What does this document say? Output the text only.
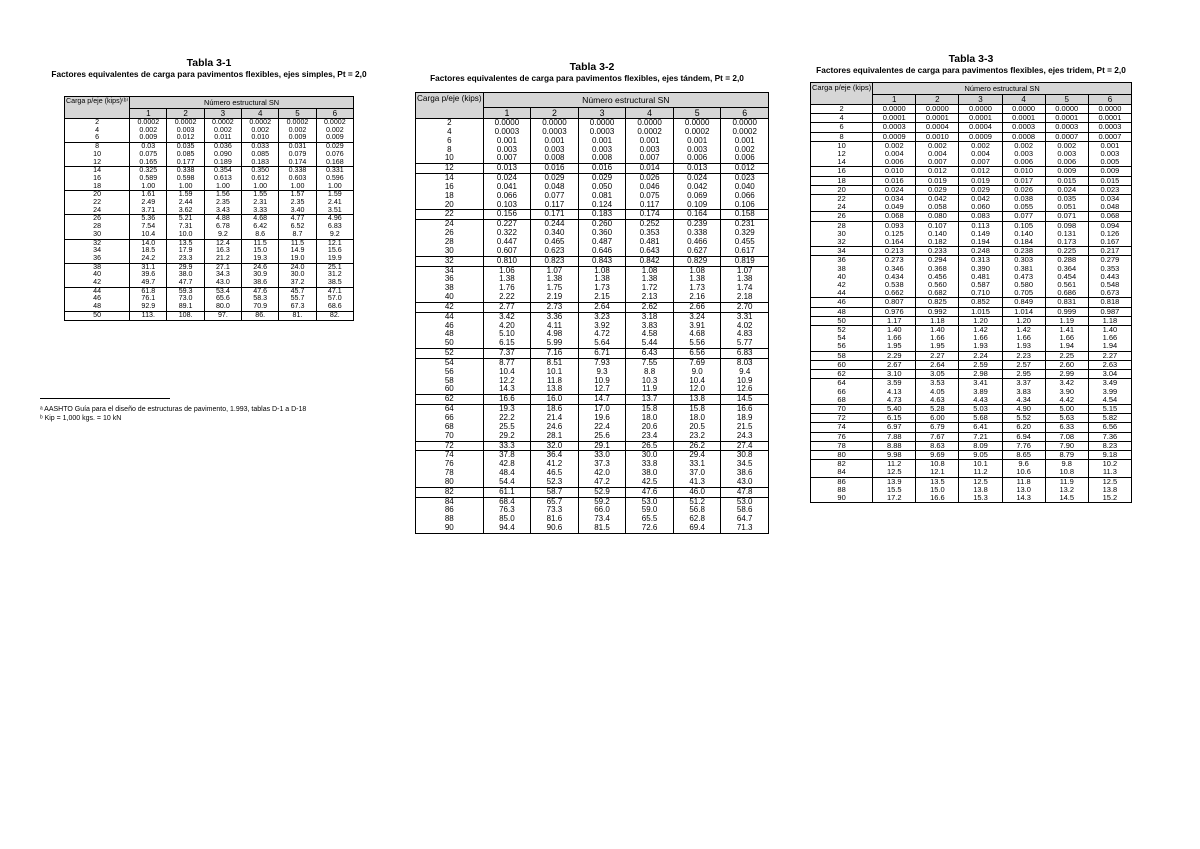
Tabla 3-1
Factores equivalentes de carga para pavimentos flexibles, ejes simples, Pt = 2,0
Carga p/eje (kips)⁽ᵇ⁾	Número estructural SN					
	1	2	3	4	5	6
2	0.0002	0.0002	0.0002	0.0002	0.0002	0.0002
4	0.002	0.003	0.002	0.002	0.002	0.002
6	0.009	0.012	0.011	0.010	0.009	0.009
8	0.03	0.035	0.036	0.033	0.031	0.029
10	0.075	0.085	0.090	0.085	0.079	0.076
12	0.165	0.177	0.189	0.183	0.174	0.168
14	0.325	0.338	0.354	0.350	0.338	0.331
16	0.589	0.598	0.613	0.612	0.603	0.596
18	1.00	1.00	1.00	1.00	1.00	1.00
20	1.61	1.59	1.56	1.55	1.57	1.59
22	2.49	2.44	2.35	2.31	2.35	2.41
24	3.71	3.62	3.43	3.33	3.40	3.51
26	5.36	5.21	4.88	4.68	4.77	4.96
28	7.54	7.31	6.78	6.42	6.52	6.83
30	10.4	10.0	9.2	8.6	8.7	9.2
32	14.0	13.5	12.4	11.5	11.5	12.1
34	18.5	17.9	16.3	15.0	14.9	15.6
36	24.2	23.3	21.2	19.3	19.0	19.9
38	31.1	29.9	27.1	24.6	24.0	25.1
40	39.6	38.0	34.3	30.9	30.0	31.2
42	49.7	47.7	43.0	38.6	37.2	38.5
44	61.8	59.3	53.4	47.6	45.7	47.1
46	76.1	73.0	65.6	58.3	55.7	57.0
48	92.9	89.1	80.0	70.9	67.3	68.6
50	113.	108.	97.	86.	81.	82.
ᵃ AASHTO Guía para el diseño de estructuras de pavimento, 1.993, tablas D-1 a D-18
ᵇ Kip = 1,000 kgs. = 10 kN
Tabla 3-2
Factores equivalentes de carga para pavimentos flexibles, ejes tándem, Pt = 2,0
Carga p/eje (kips)	Número estructural SN					
	1	2	3	4	5	6
2	0.0000	0.0000	0.0000	0.0000	0.0000	0.0000
4	0.0003	0.0003	0.0003	0.0002	0.0002	0.0002
6	0.001	0.001	0.001	0.001	0.001	0.001
8	0.003	0.003	0.003	0.003	0.003	0.002
10	0.007	0.008	0.008	0.007	0.006	0.006
12	0.013	0.016	0.016	0.014	0.013	0.012
14	0.024	0.029	0.029	0.026	0.024	0.023
16	0.041	0.048	0.050	0.046	0.042	0.040
18	0.066	0.077	0.081	0.075	0.069	0.066
20	0.103	0.117	0.124	0.117	0.109	0.106
22	0.156	0.171	0.183	0.174	0.164	0.158
24	0.227	0.244	0.260	0.252	0.239	0.231
26	0.322	0.340	0.360	0.353	0.338	0.329
28	0.447	0.465	0.487	0.481	0.466	0.455
30	0.607	0.623	0.646	0.643	0.627	0.617
32	0.810	0.823	0.843	0.842	0.829	0.819
34	1.06	1.07	1.08	1.08	1.08	1.07
36	1.38	1.38	1.38	1.38	1.38	1.38
38	1.76	1.75	1.73	1.72	1.73	1.74
40	2.22	2.19	2.15	2.13	2.16	2.18
42	2.77	2.73	2.64	2.62	2.66	2.70
44	3.42	3.36	3.23	3.18	3.24	3.31
46	4.20	4.11	3.92	3.83	3.91	4.02
48	5.10	4.98	4.72	4.58	4.68	4.83
50	6.15	5.99	5.64	5.44	5.56	5.77
52	7.37	7.16	6.71	6.43	6.56	6.83
54	8.77	8.51	7.93	7.55	7.69	8.03
56	10.4	10.1	9.3	8.8	9.0	9.4
58	12.2	11.8	10.9	10.3	10.4	10.9
60	14.3	13.8	12.7	11.9	12.0	12.6
62	16.6	16.0	14.7	13.7	13.8	14.5
64	19.3	18.6	17.0	15.8	15.8	16.6
66	22.2	21.4	19.6	18.0	18.0	18.9
68	25.5	24.6	22.4	20.6	20.5	21.5
70	29.2	28.1	25.6	23.4	23.2	24.3
72	33.3	32.0	29.1	26.5	26.2	27.4
74	37.8	36.4	33.0	30.0	29.4	30.8
76	42.8	41.2	37.3	33.8	33.1	34.5
78	48.4	46.5	42.0	38.0	37.0	38.6
80	54.4	52.3	47.2	42.5	41.3	43.0
82	61.1	58.7	52.9	47.6	46.0	47.8
84	68.4	65.7	59.2	53.0	51.2	53.0
86	76.3	73.3	66.0	59.0	56.8	58.6
88	85.0	81.6	73.4	65.5	62.8	64.7
90	94.4	90.6	81.5	72.6	69.4	71.3
Tabla 3-3
Factores equivalentes de carga para pavimentos flexibles, ejes tridem, Pt = 2,0
Carga p/eje (kips)	Número estructural SN					
	1	2	3	4	5	6
2	0.0000	0.0000	0.0000	0.0000	0.0000	0.0000
4	0.0001	0.0001	0.0001	0.0001	0.0001	0.0001
6	0.0003	0.0004	0.0004	0.0003	0.0003	0.0003
8	0.0009	0.0010	0.0009	0.0008	0.0007	0.0007
10	0.002	0.002	0.002	0.002	0.002	0.001
12	0.004	0.004	0.004	0.003	0.003	0.003
14	0.006	0.007	0.007	0.006	0.006	0.005
16	0.010	0.012	0.012	0.010	0.009	0.009
18	0.016	0.019	0.019	0.017	0.015	0.015
20	0.024	0.029	0.029	0.026	0.024	0.023
22	0.034	0.042	0.042	0.038	0.035	0.034
24	0.049	0.058	0.060	0.055	0.051	0.048
26	0.068	0.080	0.083	0.077	0.071	0.068
28	0.093	0.107	0.113	0.105	0.098	0.094
30	0.125	0.140	0.149	0.140	0.131	0.126
32	0.164	0.182	0.194	0.184	0.173	0.167
34	0.213	0.233	0.248	0.238	0.225	0.217
36	0.273	0.294	0.313	0.303	0.288	0.279
38	0.346	0.368	0.390	0.381	0.364	0.353
40	0.434	0.456	0.481	0.473	0.454	0.443
42	0.538	0.560	0.587	0.580	0.561	0.548
44	0.662	0.682	0.710	0.705	0.686	0.673
46	0.807	0.825	0.852	0.849	0.831	0.818
48	0.976	0.992	1.015	1.014	0.999	0.987
50	1.17	1.18	1.20	1.20	1.19	1.18
52	1.40	1.40	1.42	1.42	1.41	1.40
54	1.66	1.66	1.66	1.66	1.66	1.66
56	1.95	1.95	1.93	1.93	1.94	1.94
58	2.29	2.27	2.24	2.23	2.25	2.27
60	2.67	2.64	2.59	2.57	2.60	2.63
62	3.10	3.05	2.98	2.95	2.99	3.04
64	3.59	3.53	3.41	3.37	3.42	3.49
66	4.13	4.05	3.89	3.83	3.90	3.99
68	4.73	4.63	4.43	4.34	4.42	4.54
70	5.40	5.28	5.03	4.90	5.00	5.15
72	6.15	6.00	5.68	5.52	5.63	5.82
74	6.97	6.79	6.41	6.20	6.33	6.56
76	7.88	7.67	7.21	6.94	7.08	7.36
78	8.88	8.63	8.09	7.76	7.90	8.23
80	9.98	9.69	9.05	8.65	8.79	9.18
82	11.2	10.8	10.1	9.6	9.8	10.2
84	12.5	12.1	11.2	10.6	10.8	11.3
86	13.9	13.5	12.5	11.8	11.9	12.5
88	15.5	15.0	13.8	13.0	13.2	13.8
90	17.2	16.6	15.3	14.3	14.5	15.2
